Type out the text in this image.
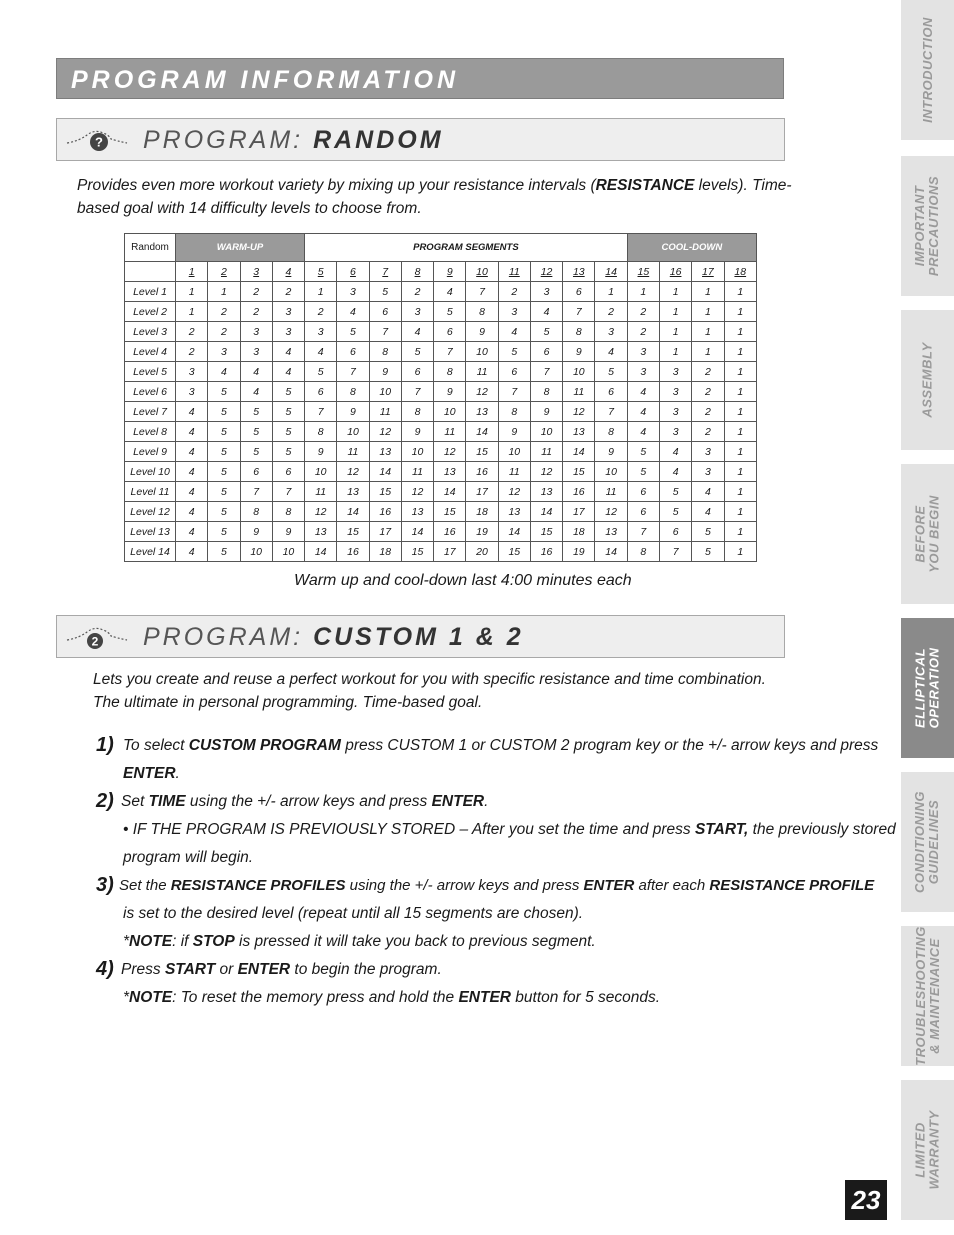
PROGRAM INFORMATION
? PROGRAM: RANDOM
Provides even more workout variety by mixing up your resistance intervals (RESISTANCE levels). Time-based goal with 14 difficulty levels to choose from.
Random	WARM-UP				PROGRAM SEGMENTS										COOL-DOWN			
	1	2	3	4	5	6	7	8	9	10	11	12	13	14	15	16	17	18
Level 1	1	1	2	2	1	3	5	2	4	7	2	3	6	1	1	1	1	1
Level 2	1	2	2	3	2	4	6	3	5	8	3	4	7	2	2	1	1	1
Level 3	2	2	3	3	3	5	7	4	6	9	4	5	8	3	2	1	1	1
Level 4	2	3	3	4	4	6	8	5	7	10	5	6	9	4	3	1	1	1
Level 5	3	4	4	4	5	7	9	6	8	11	6	7	10	5	3	3	2	1
Level 6	3	5	4	5	6	8	10	7	9	12	7	8	11	6	4	3	2	1
Level 7	4	5	5	5	7	9	11	8	10	13	8	9	12	7	4	3	2	1
Level 8	4	5	5	5	8	10	12	9	11	14	9	10	13	8	4	3	2	1
Level 9	4	5	5	5	9	11	13	10	12	15	10	11	14	9	5	4	3	1
Level 10	4	5	6	6	10	12	14	11	13	16	11	12	15	10	5	4	3	1
Level 11	4	5	7	7	11	13	15	12	14	17	12	13	16	11	6	5	4	1
Level 12	4	5	8	8	12	14	16	13	15	18	13	14	17	12	6	5	4	1
Level 13	4	5	9	9	13	15	17	14	16	19	14	15	18	13	7	6	5	1
Level 14	4	5	10	10	14	16	18	15	17	20	15	16	19	14	8	7	5	1
Warm up and cool-down last 4:00 minutes each
2 PROGRAM: CUSTOM 1 & 2
Lets you create and reuse a perfect workout for you with specific resistance and time combination.
The ultimate in personal programming. Time-based goal.
1) To select CUSTOM PROGRAM press CUSTOM 1 or CUSTOM 2 program key or the +/- arrow keys and press
ENTER.
2) Set TIME using the +/- arrow keys and press ENTER.
• IF THE PROGRAM IS PREVIOUSLY STORED – After you set the time and press START, the previously stored
program will begin.
3) Set the RESISTANCE PROFILES using the +/- arrow keys and press ENTER after each RESISTANCE PROFILE
is set to the desired level (repeat until all 15 segments are chosen).
*NOTE: if STOP is pressed it will take you back to previous segment.
4) Press START or ENTER to begin the program.
*NOTE: To reset the memory press and hold the ENTER button for 5 seconds.
INTRODUCTION
IMPORTANT
PRECAUTIONS
ASSEMBLY
BEFORE
YOU BEGIN
ELLIPTICAL
OPERATION
CONDITIONING
GUIDELINES
TROUBLESHOOTING
& MAINTENANCE
LIMITED
WARRANTY
23
